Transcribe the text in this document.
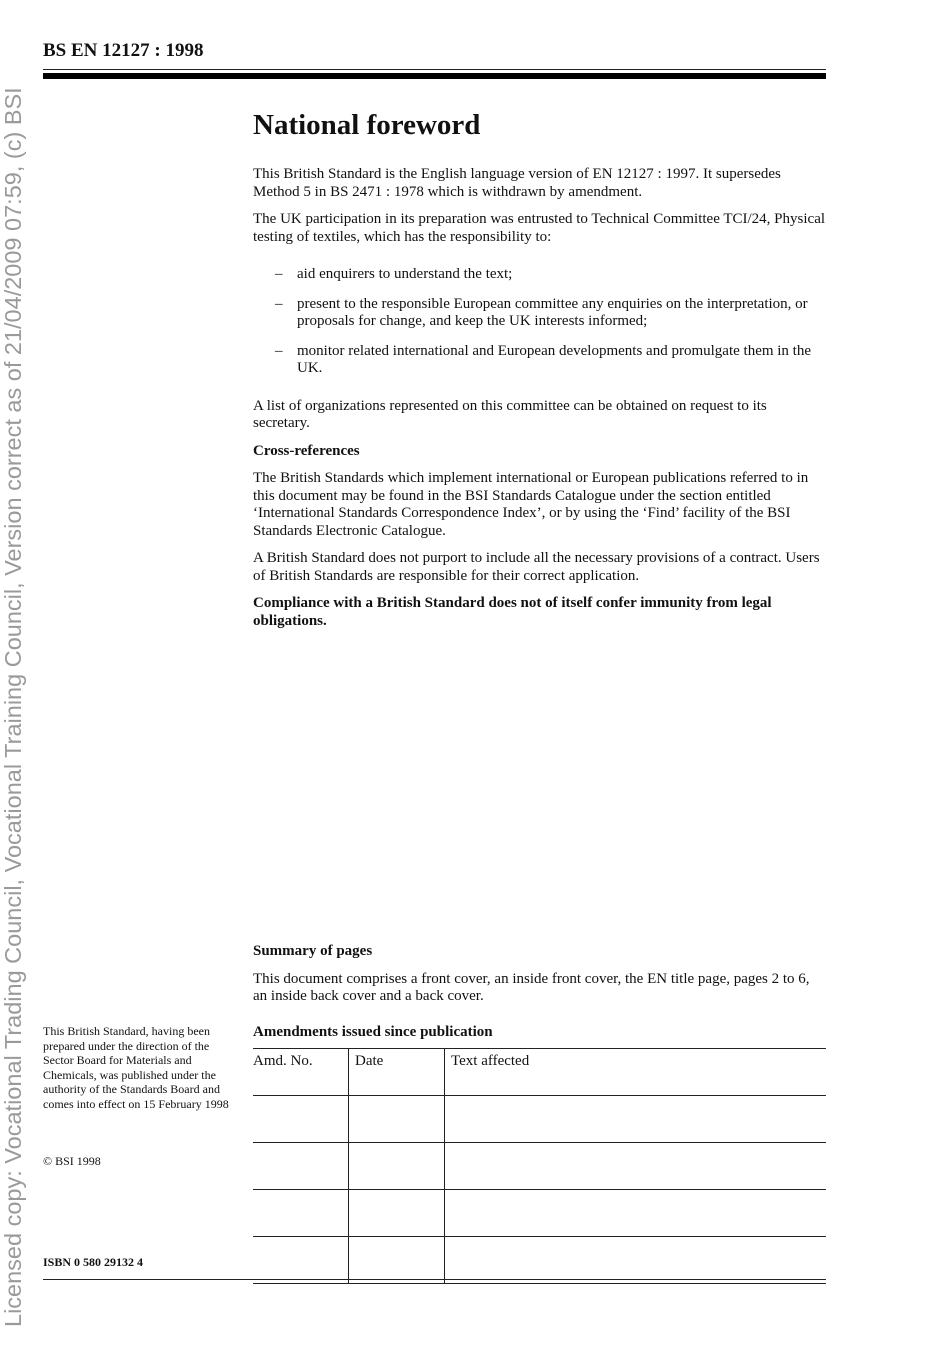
Licensed copy: Vocational Trading Council, Vocational Training Council, Version correct as of 21/04/2009 07:59, (c) BSI
BS EN 12127 : 1998
National foreword

This British Standard is the English language version of EN 12127 : 1997. It supersedes Method 5 in BS 2471 : 1978 which is withdrawn by amendment.

The UK participation in its preparation was entrusted to Technical Committee TCI/24, Physical testing of textiles, which has the responsibility to:

– aid enquirers to understand the text;
– present to the responsible European committee any enquiries on the interpretation, or proposals for change, and keep the UK interests informed;
– monitor related international and European developments and promulgate them in the UK.

A list of organizations represented on this committee can be obtained on request to its secretary.

Cross-references

The British Standards which implement international or European publications referred to in this document may be found in the BSI Standards Catalogue under the section entitled ‘International Standards Correspondence Index’, or by using the ‘Find’ facility of the BSI Standards Electronic Catalogue.

A British Standard does not purport to include all the necessary provisions of a contract. Users of British Standards are responsible for their correct application.

Compliance with a British Standard does not of itself confer immunity from legal obligations.

Summary of pages

This document comprises a front cover, an inside front cover, the EN title page, pages 2 to 6, an inside back cover and a back cover.

Amendments issued since publication
Amd. No.	Date	Text affected

This British Standard, having been prepared under the direction of the Sector Board for Materials and Chemicals, was published under the authority of the Standards Board and comes into effect on 15 February 1998
© BSI 1998
ISBN 0 580 29132 4
